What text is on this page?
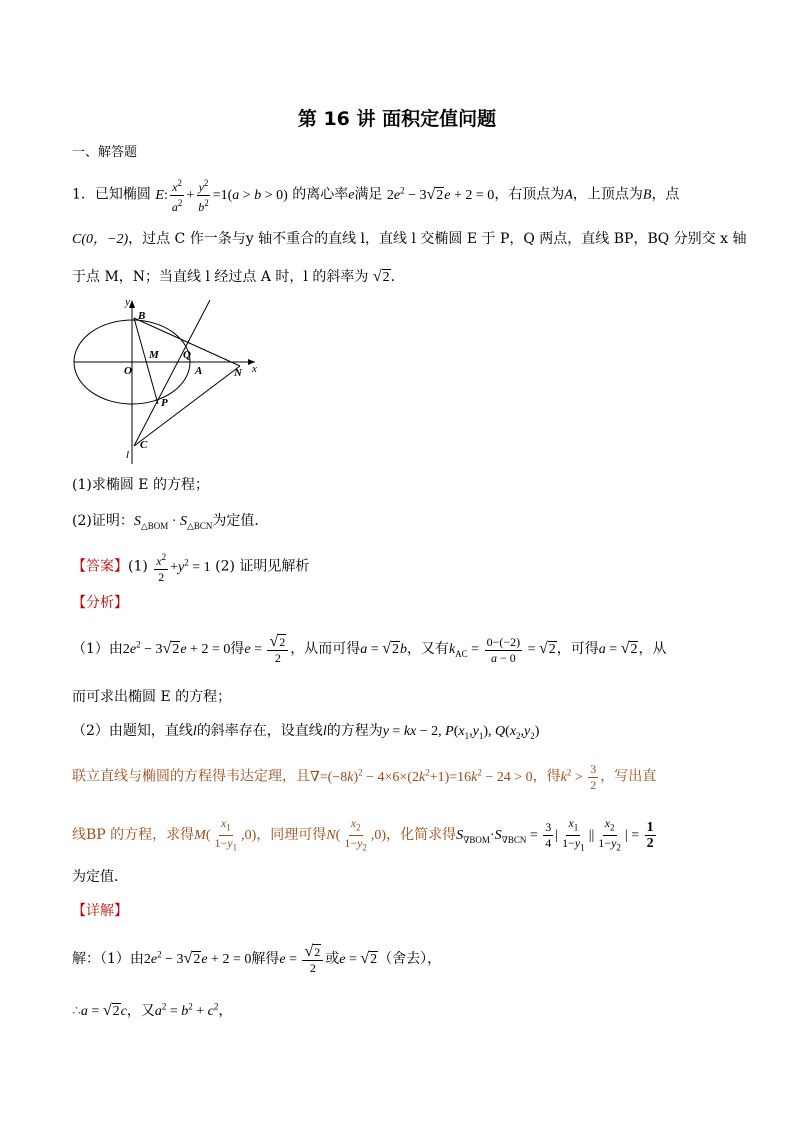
第 16 讲 面积定值问题
一、解答题
1．已知椭圆 E: $\frac{x^2}{a^2} + \frac{y^2}{b^2} =1(a > b > 0)$ 的离心率e满足 $2e^2 - 3√2e + 2 = 0$，右顶点为A，上顶点为B，点
C(0，−2)，过点 C 作一条与y 轴不重合的直线 l，直线 l 交椭圆 E 于 P，Q 两点，直线 BP，BQ 分别交 x 轴
于点 M，N；当直线 l 经过点 A 时，l 的斜率为 √2．
y
B
M Q
O	A	N x
P
l
C
(1)求椭圆 E 的方程；
(2)证明：$S_{\triangle BOM} \cdot S_{\triangle BCN}$为定值．
【答案】$(1) \frac{x^2}{2} +y^2 = 1$ (2) 证明见解析
【分析】
（1）由$2e^2 - 3√2e + 2 = 0$得$e = \frac{√2}{2}$ ，从而可得a = √2b，又有$k_{AC} = \frac{0-(-2)}{a - 0} = √2$，可得a = √2，从
而可求出椭圆 E 的方程；
（2）由题知，直线l的斜率存在，设直线l的方程为y = kx − 2, $P(x_1,y_1)$, $Q(x_2,y_2)$
联立直线与椭圆的方程得韦达定理，且$\nabla=(-8k)^2 - 4\times 6\times(2k^2+1)=16k^2 - 24 > 0$，得$k^2 > \frac{3}{2}$ ，写出直
线BP 的方程，求得$M( \frac{x_1}{1-y_1} ,0)$，同理可得$N( \frac{x_2}{1-y_2} ,0)$，化简求得$S_{\nabla BOM}\cdot S_{\nabla BCN} = \frac{3}{4}$ | $\frac{x_1}{1-y_1}$ || $\frac{x_2}{1-y_2}$ | = $\frac{1}{2}$
为定值．
【详解】
解：（1）由$2e^2 - 3√2e + 2 = 0$解得$e = \frac{√2}{2}$ 或e = √2（舍去），
∴a = √2c，又$a^2 = b^2 + c^2$，
